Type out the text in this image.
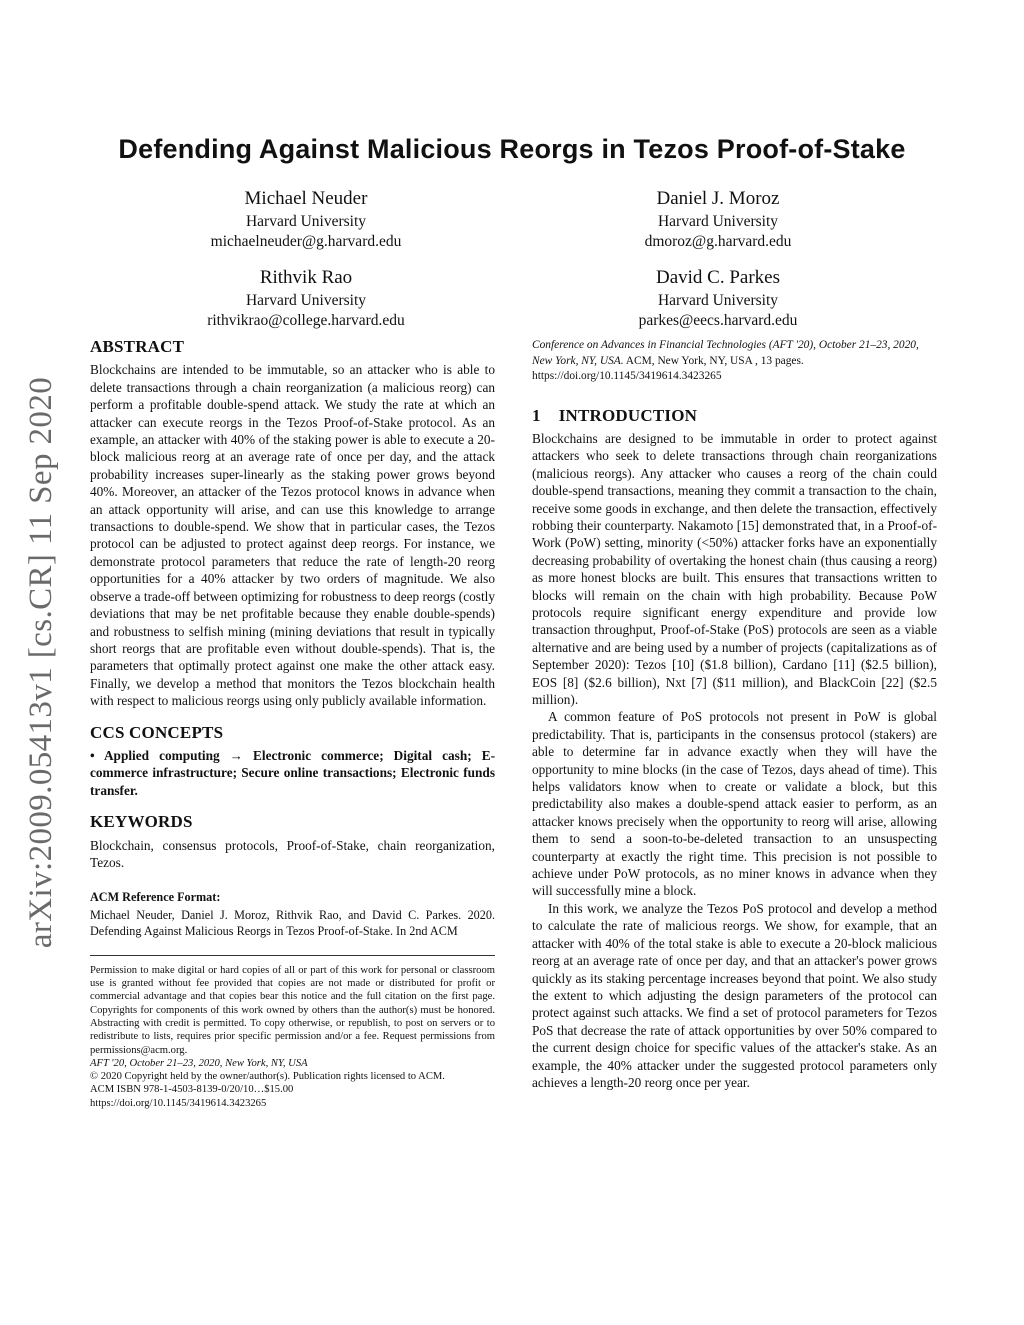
arXiv:2009.05413v1 [cs.CR] 11 Sep 2020
Defending Against Malicious Reorgs in Tezos Proof-of-Stake
Michael Neuder
Harvard University
michaelneuder@g.harvard.edu
Daniel J. Moroz
Harvard University
dmoroz@g.harvard.edu
Rithvik Rao
Harvard University
rithvikrao@college.harvard.edu
David C. Parkes
Harvard University
parkes@eecs.harvard.edu
ABSTRACT

Blockchains are intended to be immutable, so an attacker who is able to delete transactions through a chain reorganization (a malicious reorg) can perform a profitable double-spend attack. We study the rate at which an attacker can execute reorgs in the Tezos Proof-of-Stake protocol. As an example, an attacker with 40% of the staking power is able to execute a 20-block malicious reorg at an average rate of once per day, and the attack probability increases super-linearly as the staking power grows beyond 40%. Moreover, an attacker of the Tezos protocol knows in advance when an attack opportunity will arise, and can use this knowledge to arrange transactions to double-spend. We show that in particular cases, the Tezos protocol can be adjusted to protect against deep reorgs. For instance, we demonstrate protocol parameters that reduce the rate of length-20 reorg opportunities for a 40% attacker by two orders of magnitude. We also observe a trade-off between optimizing for robustness to deep reorgs (costly deviations that may be net profitable because they enable double-spends) and robustness to selfish mining (mining deviations that result in typically short reorgs that are profitable even without double-spends). That is, the parameters that optimally protect against one make the other attack easy. Finally, we develop a method that monitors the Tezos blockchain health with respect to malicious reorgs using only publicly available information.

CCS CONCEPTS

• Applied computing → Electronic commerce; Digital cash; E-commerce infrastructure; Secure online transactions; Electronic funds transfer.

KEYWORDS

Blockchain, consensus protocols, Proof-of-Stake, chain reorganization, Tezos.

ACM Reference Format:

Michael Neuder, Daniel J. Moroz, Rithvik Rao, and David C. Parkes. 2020. Defending Against Malicious Reorgs in Tezos Proof-of-Stake. In 2nd ACM

Permission to make digital or hard copies of all or part of this work for personal or classroom use is granted without fee provided that copies are not made or distributed for profit or commercial advantage and that copies bear this notice and the full citation on the first page. Copyrights for components of this work owned by others than the author(s) must be honored. Abstracting with credit is permitted. To copy otherwise, or republish, to post on servers or to redistribute to lists, requires prior specific permission and/or a fee. Request permissions from permissions@acm.org.

AFT '20, October 21–23, 2020, New York, NY, USA

© 2020 Copyright held by the owner/author(s). Publication rights licensed to ACM.

ACM ISBN 978-1-4503-8139-0/20/10…$15.00

https://doi.org/10.1145/3419614.3423265

Conference on Advances in Financial Technologies (AFT '20), October 21–23, 2020, New York, NY, USA. ACM, New York, NY, USA , 13 pages. https://doi.org/10.1145/3419614.3423265

1 INTRODUCTION

Blockchains are designed to be immutable in order to protect against attackers who seek to delete transactions through chain reorganizations (malicious reorgs). Any attacker who causes a reorg of the chain could double-spend transactions, meaning they commit a transaction to the chain, receive some goods in exchange, and then delete the transaction, effectively robbing their counterparty. Nakamoto [15] demonstrated that, in a Proof-of-Work (PoW) setting, minority (<50%) attacker forks have an exponentially decreasing probability of overtaking the honest chain (thus causing a reorg) as more honest blocks are built. This ensures that transactions written to blocks will remain on the chain with high probability. Because PoW protocols require significant energy expenditure and provide low transaction throughput, Proof-of-Stake (PoS) protocols are seen as a viable alternative and are being used by a number of projects (capitalizations as of September 2020): Tezos [10] ($1.8 billion), Cardano [11] ($2.5 billion), EOS [8] ($2.6 billion), Nxt [7] ($11 million), and BlackCoin [22] ($2.5 million).

A common feature of PoS protocols not present in PoW is global predictability. That is, participants in the consensus protocol (stakers) are able to determine far in advance exactly when they will have the opportunity to mine blocks (in the case of Tezos, days ahead of time). This helps validators know when to create or validate a block, but this predictability also makes a double-spend attack easier to perform, as an attacker knows precisely when the opportunity to reorg will arise, allowing them to send a soon-to-be-deleted transaction to an unsuspecting counterparty at exactly the right time. This precision is not possible to achieve under PoW protocols, as no miner knows in advance when they will successfully mine a block.

In this work, we analyze the Tezos PoS protocol and develop a method to calculate the rate of malicious reorgs. We show, for example, that an attacker with 40% of the total stake is able to execute a 20-block malicious reorg at an average rate of once per day, and that an attacker's power grows quickly as its staking percentage increases beyond that point. We also study the extent to which adjusting the design parameters of the protocol can protect against such attacks. We find a set of protocol parameters for Tezos PoS that decrease the rate of attack opportunities by over 50% compared to the current design choice for specific values of the attacker's stake. As an example, the 40% attacker under the suggested protocol parameters only achieves a length-20 reorg once per year.
